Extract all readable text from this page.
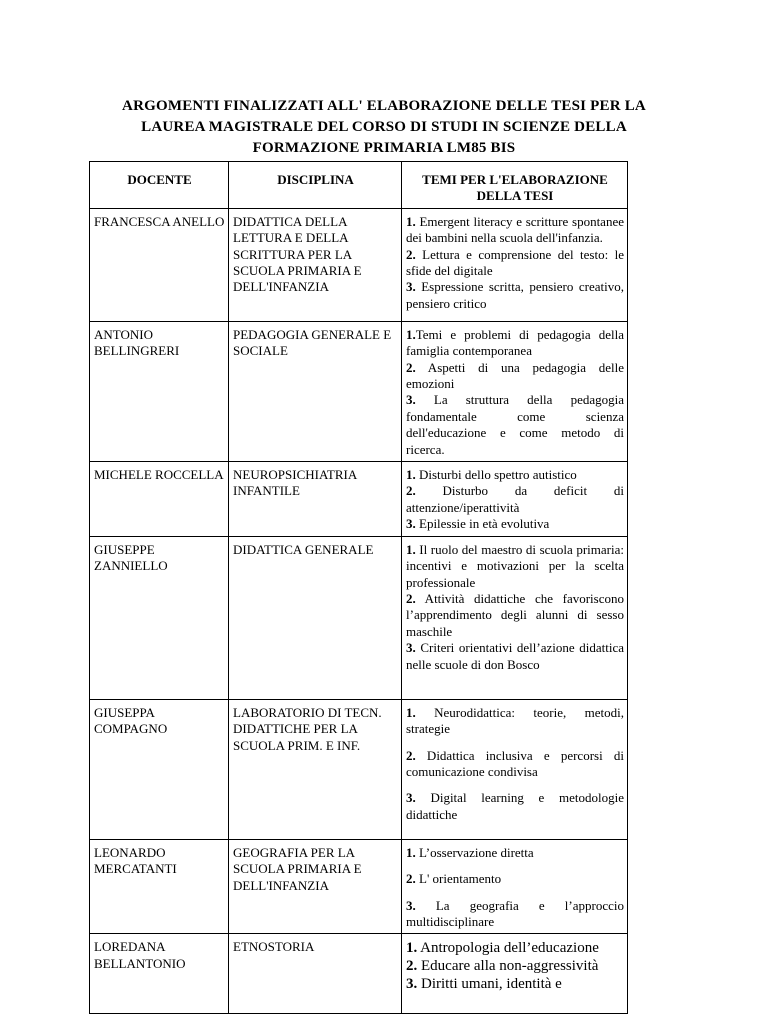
ARGOMENTI FINALIZZATI ALL' ELABORAZIONE DELLE TESI PER LA
LAUREA MAGISTRALE DEL CORSO DI STUDI IN SCIENZE DELLA
FORMAZIONE PRIMARIA LM85 BIS
DOCENTE	DISCIPLINA	TEMI PER L'ELABORAZIONE DELLA TESI
FRANCESCA ANELLO	DIDATTICA DELLA LETTURA E DELLA SCRITTURA PER LA SCUOLA PRIMARIA E DELL'INFANZIA	1. Emergent literacy e scritture spontanee dei bambini nella scuola dell'infanzia.
2. Lettura e comprensione del testo: le sfide del digitale
3. Espressione scritta, pensiero creativo, pensiero critico

ANTONIO BELLINGRERI	PEDAGOGIA GENERALE E SOCIALE	1.Temi e problemi di pedagogia della famiglia contemporanea
2. Aspetti di una pedagogia delle emozioni
3. La struttura della pedagogia fondamentale come scienza dell'educazione e come metodo di ricerca.

MICHELE ROCCELLA	NEUROPSICHIATRIA INFANTILE	1. Disturbi dello spettro autistico
2. Disturbo da deficit di attenzione/iperattività
3. Epilessie in età evolutiva

GIUSEPPE ZANNIELLO	DIDATTICA GENERALE	1. Il ruolo del maestro di scuola primaria: incentivi e motivazioni per la scelta professionale
2. Attività didattiche che favoriscono l’apprendimento degli alunni di sesso maschile
3. Criteri orientativi dell’azione didattica nelle scuole di don Bosco

GIUSEPPA COMPAGNO	LABORATORIO DI TECN. DIDATTICHE PER LA SCUOLA PRIM. E INF.	1. Neurodidattica: teorie, metodi, strategie
2. Didattica inclusiva e percorsi di comunicazione condivisa
3. Digital learning e metodologie didattiche

LEONARDO MERCATANTI	GEOGRAFIA PER LA SCUOLA PRIMARIA E DELL'INFANZIA	1. L’osservazione diretta
2. L' orientamento
3. La geografia e l’approccio multidisciplinare

LOREDANA BELLANTONIO	ETNOSTORIA	1. Antropologia dell’educazione
2. Educare alla non-aggressività
3. Diritti umani, identità e
